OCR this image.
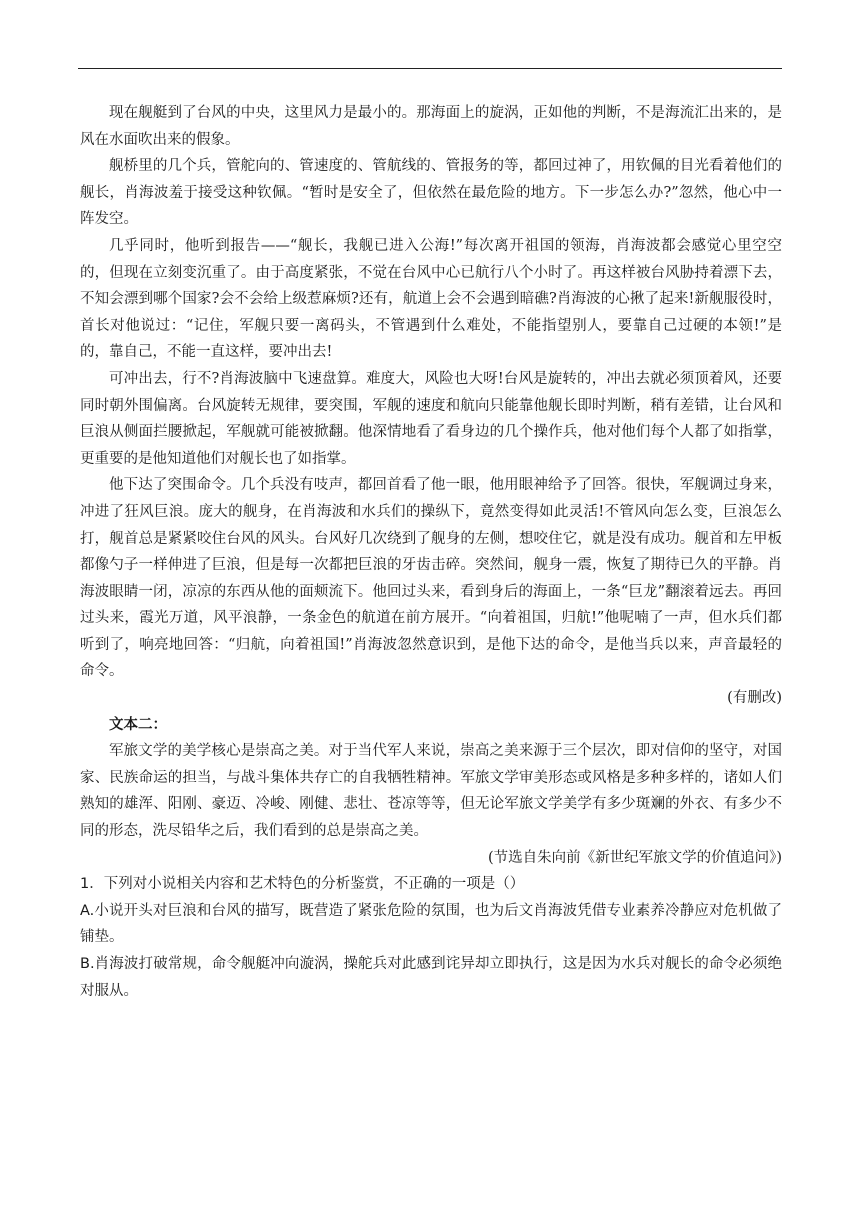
现在舰艇到了台风的中央，这里风力是最小的。那海面上的旋涡，正如他的判断，不是海流汇出来的，是风在水面吹出来的假象。

舰桥里的几个兵，管舵向的、管速度的、管航线的、管报务的等，都回过神了，用钦佩的目光看着他们的舰长，肖海波羞于接受这种钦佩。“暂时是安全了，但依然在最危险的地方。下一步怎么办?”忽然，他心中一阵发空。

几乎同时，他听到报告——“舰长，我舰已进入公海!”每次离开祖国的领海，肖海波都会感觉心里空空的，但现在立刻变沉重了。由于高度紧张，不觉在台风中心已航行八个小时了。再这样被台风胁持着漂下去，不知会漂到哪个国家?会不会给上级惹麻烦?还有，航道上会不会遇到暗礁?肖海波的心揪了起来!新舰服役时，首长对他说过：“记住，军舰只要一离码头，不管遇到什么难处，不能指望别人，要靠自己过硬的本领!”是的，靠自己，不能一直这样，要冲出去!

可冲出去，行不?肖海波脑中飞速盘算。难度大，风险也大呀!台风是旋转的，冲出去就必须顶着风，还要同时朝外围偏离。台风旋转无规律，要突围，军舰的速度和航向只能靠他舰长即时判断，稍有差错，让台风和巨浪从侧面拦腰掀起，军舰就可能被掀翻。他深情地看了看身边的几个操作兵，他对他们每个人都了如指掌，更重要的是他知道他们对舰长也了如指掌。

他下达了突围命令。几个兵没有吱声，都回首看了他一眼，他用眼神给予了回答。很快，军舰调过身来，冲进了狂风巨浪。庞大的舰身，在肖海波和水兵们的操纵下，竟然变得如此灵活!不管风向怎么变，巨浪怎么打，舰首总是紧紧咬住台风的风头。台风好几次绕到了舰身的左侧，想咬住它，就是没有成功。舰首和左甲板都像勺子一样伸进了巨浪，但是每一次都把巨浪的牙齿击碎。突然间，舰身一震，恢复了期待已久的平静。肖海波眼睛一闭，凉凉的东西从他的面颊流下。他回过头来，看到身后的海面上，一条“巨龙”翻滚着远去。再回过头来，霞光万道，风平浪静，一条金色的航道在前方展开。“向着祖国，归航!”他呢喃了一声，但水兵们都听到了，响亮地回答：“归航，向着祖国!”肖海波忽然意识到，是他下达的命令，是他当兵以来，声音最轻的命令。

(有删改)

文本二：

军旅文学的美学核心是崇高之美。对于当代军人来说，崇高之美来源于三个层次，即对信仰的坚守，对国家、民族命运的担当，与战斗集体共存亡的自我牺牲精神。军旅文学审美形态或风格是多种多样的，诸如人们熟知的雄浑、阳刚、豪迈、冷峻、刚健、悲壮、苍凉等等，但无论军旅文学美学有多少斑斓的外衣、有多少不同的形态，洗尽铅华之后，我们看到的总是崇高之美。

(节选自朱向前《新世纪军旅文学的价值追问》)

1．下列对小说相关内容和艺术特色的分析鉴赏，不正确的一项是（）

A.小说开头对巨浪和台风的描写，既营造了紧张危险的氛围，也为后文肖海波凭借专业素养冷静应对危机做了铺垫。

B.肖海波打破常规，命令舰艇冲向漩涡，操舵兵对此感到诧异却立即执行，这是因为水兵对舰长的命令必须绝对服从。
